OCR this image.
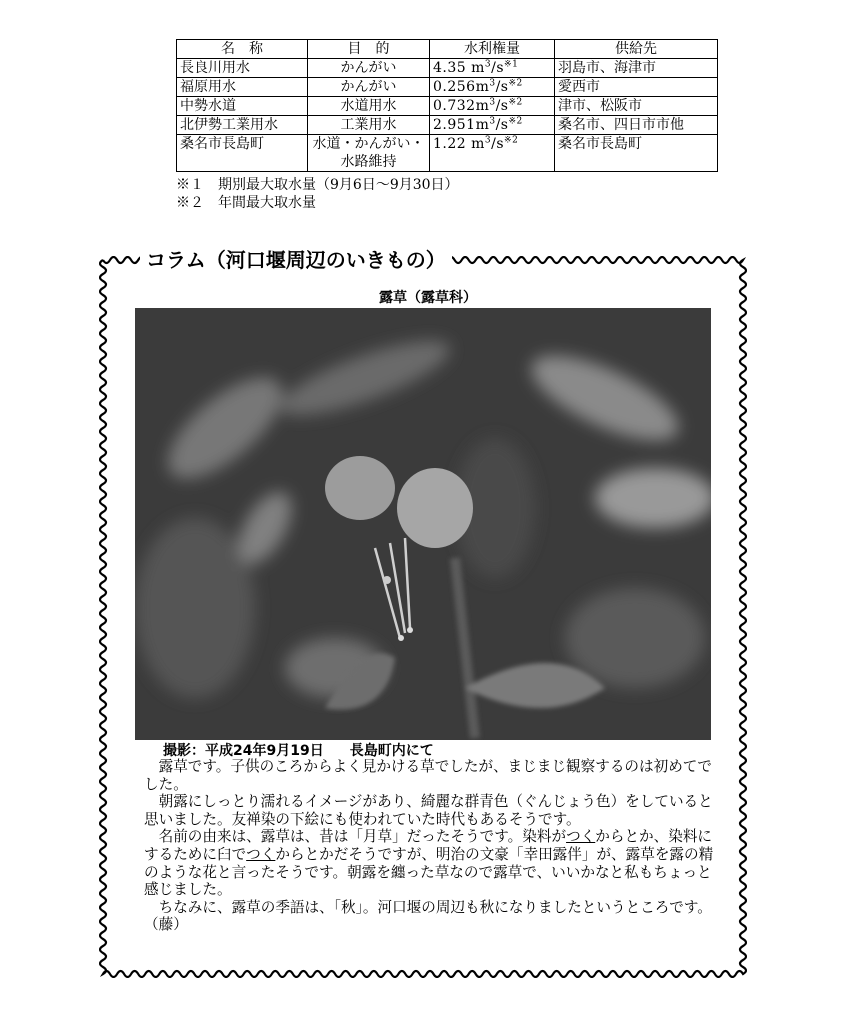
名　称	目　的	水利権量	供給先
長良川用水	かんがい	4.35 $m^3/s^{※1}$	羽島市、海津市
福原用水	かんがい	$0.256m^3/s^{※2}$	愛西市
中勢水道	水道用水	$0.732m^3/s^{※2}$	津市、松阪市
北伊勢工業用水	工業用水	$2.951m^3/s^{※2}$	桑名市、四日市市他
桑名市長島町	水道・かんがい・水路維持	1.22 $m^3/s^{※2}$	桑名市長島町
※１　期別最大取水量（9月6日～9月30日）
※２　年間最大取水量
コラム（河口堰周辺のいきもの）
露草（露草科）
撮影：平成24年9月19日 長島町内にて

露草です。子供のころからよく見かける草でしたが、まじまじ観察するのは初めてでした。

朝露にしっとり濡れるイメージがあり、綺麗な群青色（ぐんじょう色）をしていると思いました。友禅染の下絵にも使われていた時代もあるそうです。

名前の由来は、露草は、昔は「月草」だったそうです。染料がつくからとか、染料にするために臼でつくからとかだそうですが、明治の文豪「幸田露伴」が、露草を露の精のような花と言ったそうです。朝露を纏った草なので露草で、いいかなと私もちょっと感じました。

ちなみに、露草の季語は、「秋」。河口堰の周辺も秋になりましたというところです。（藤）
